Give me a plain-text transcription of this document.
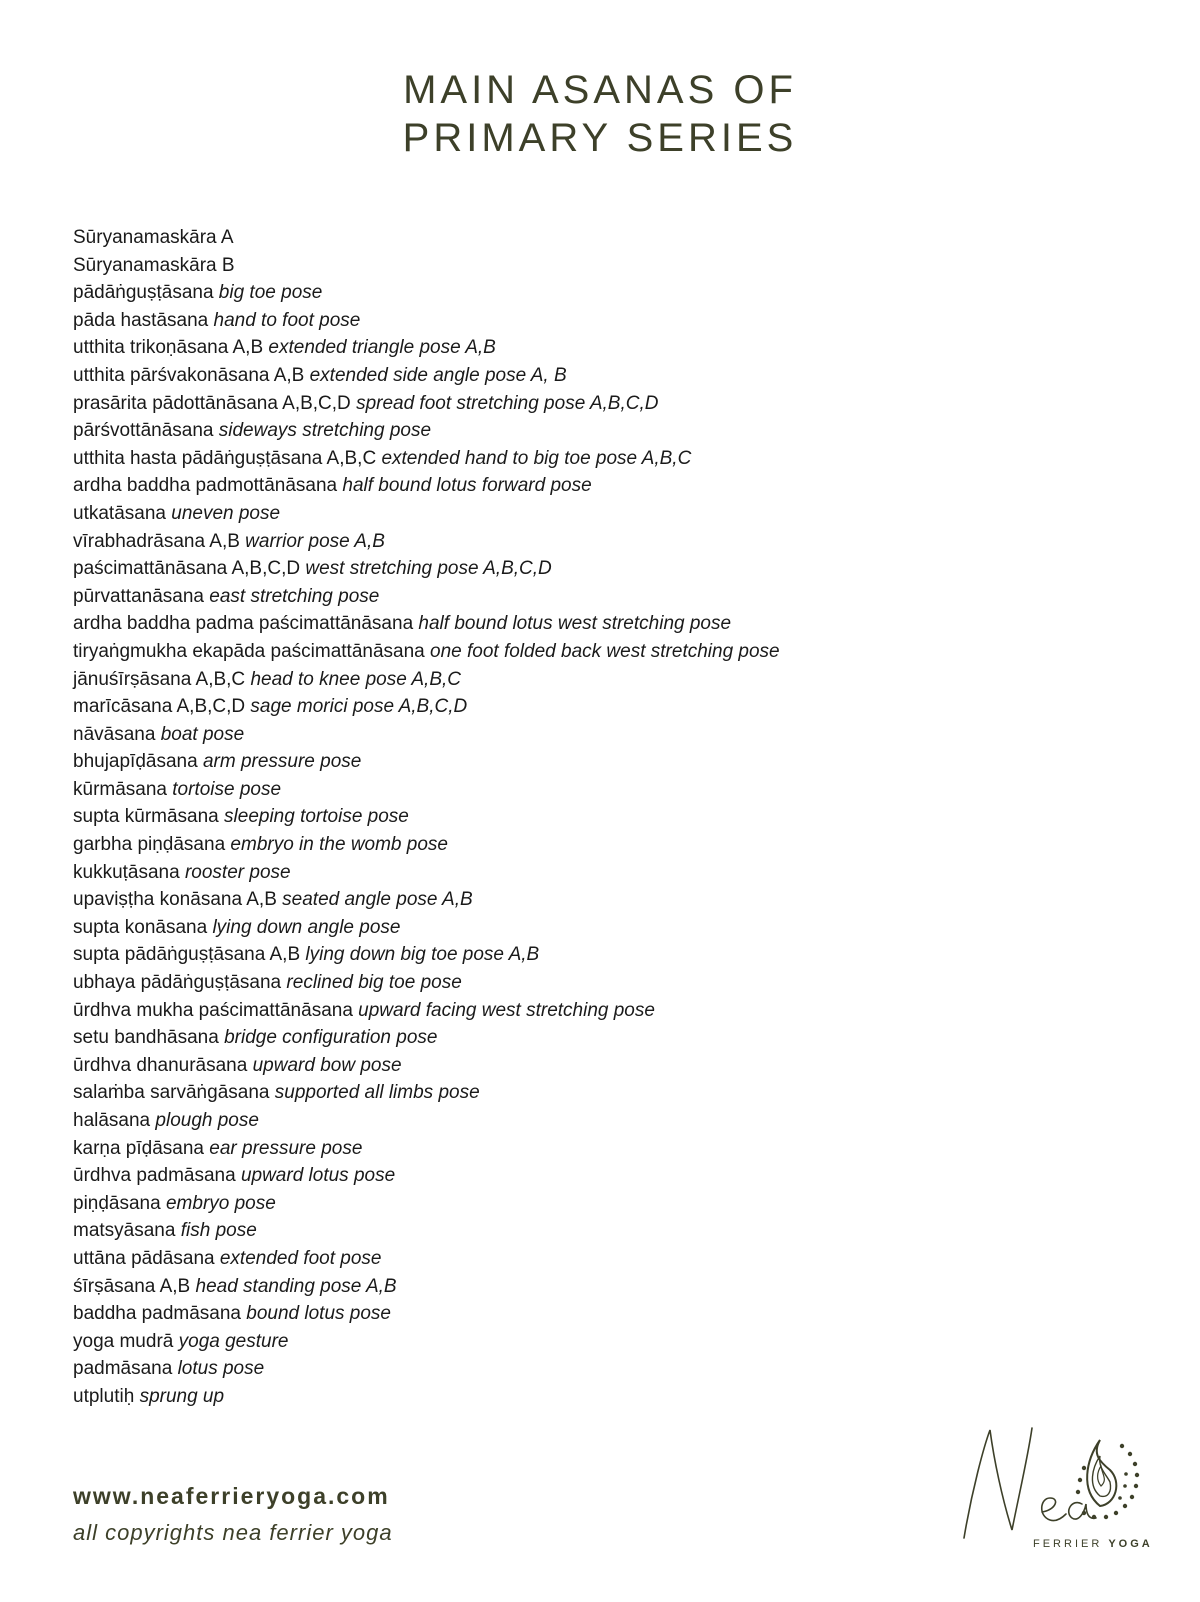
MAIN ASANAS OF
PRIMARY SERIES
Sūryanamaskāra A
Sūryanamaskāra B
pādāṅguṣṭāsana big toe pose
pāda hastāsana hand to foot pose
utthita trikoṇāsana A,B extended triangle pose A,B
utthita pārśvakonāsana A,B extended side angle pose A, B
prasārita pādottānāsana A,B,C,D spread foot stretching pose A,B,C,D
pārśvottānāsana sideways stretching pose
utthita hasta pādāṅguṣṭāsana A,B,C extended hand to big toe pose A,B,C
ardha baddha padmottānāsana half bound lotus forward pose
utkatāsana uneven pose
vīrabhadrāsana A,B warrior pose A,B
paścimattānāsana A,B,C,D west stretching pose A,B,C,D
pūrvattanāsana east stretching pose
ardha baddha padma paścimattānāsana half bound lotus west stretching pose
tiryaṅgmukha ekapāda paścimattānāsana one foot folded back west stretching pose
jānuśīrṣāsana A,B,C head to knee pose A,B,C
marīcāsana A,B,C,D sage morici pose A,B,C,D
nāvāsana boat pose
bhujapīḍāsana arm pressure pose
kūrmāsana tortoise pose
supta kūrmāsana sleeping tortoise pose
garbha piṇḍāsana embryo in the womb pose
kukkuṭāsana rooster pose
upaviṣṭha konāsana A,B seated angle pose A,B
supta konāsana lying down angle pose
supta pādāṅguṣṭāsana A,B lying down big toe pose A,B
ubhaya pādāṅguṣṭāsana reclined big toe pose
ūrdhva mukha paścimattānāsana upward facing west stretching pose
setu bandhāsana bridge configuration pose
ūrdhva dhanurāsana upward bow pose
salaṁba sarvāṅgāsana supported all limbs pose
halāsana plough pose
karṇa pīḍāsana ear pressure pose
ūrdhva padmāsana upward lotus pose
piṇḍāsana embryo pose
matsyāsana fish pose
uttāna pādāsana extended foot pose
śīrṣāsana A,B head standing pose A,B
baddha padmāsana bound lotus pose
yoga mudrā yoga gesture
padmāsana lotus pose
utplutiḥ sprung up
www.neaferrieryoga.com
all copyrights nea ferrier yoga	FERRIER YOGA
